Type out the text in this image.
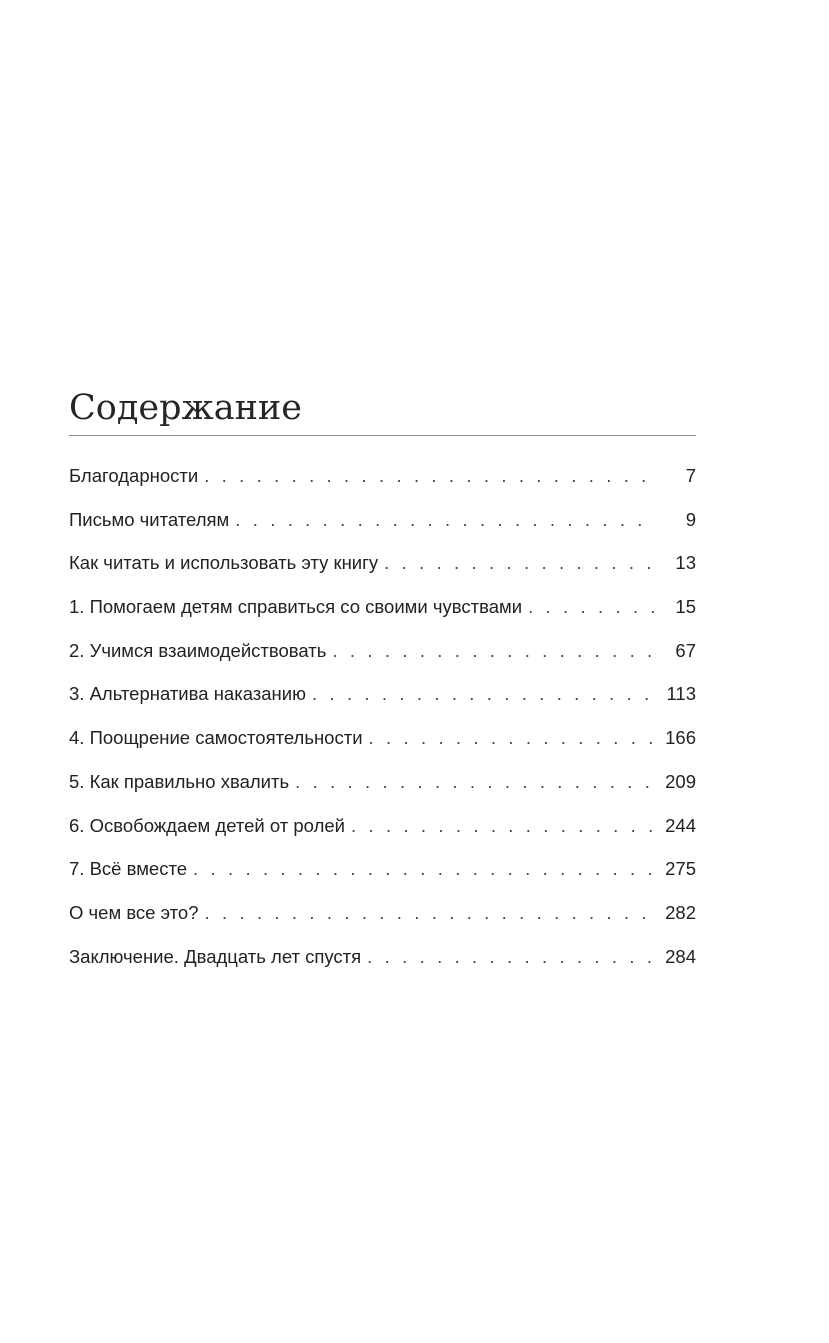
Содержание
Благодарности . . .	7
Письмо читателям . . .	9
Как читать и использовать эту книгу . . .	13
1. Помогаем детям справиться со своими чувствами . . .	15
2. Учимся взаимодействовать . . .	67
3. Альтернатива наказанию . . .	113
4. Поощрение самостоятельности . . .	166
5. Как правильно хвалить . . .	209
6. Освобождаем детей от ролей . . .	244
7. Всё вместе . . .	275
О чем все это? . . .	282
Заключение. Двадцать лет спустя . . .	284
